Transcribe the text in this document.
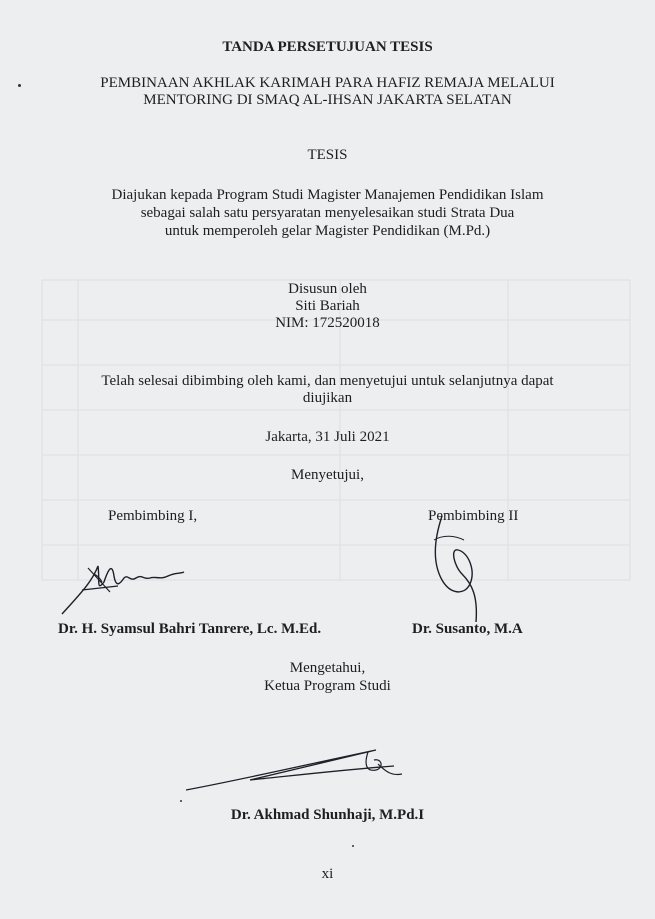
TANDA PERSETUJUAN TESIS
PEMBINAAN AKHLAK KARIMAH PARA HAFIZ REMAJA MELALUI
MENTORING DI SMAQ AL-IHSAN JAKARTA SELATAN
TESIS
Diajukan kepada Program Studi Magister Manajemen Pendidikan Islam
sebagai salah satu persyaratan menyelesaikan studi Strata Dua
untuk memperoleh gelar Magister Pendidikan (M.Pd.)
Disusun oleh
Siti Bariah
NIM: 172520018
Telah selesai dibimbing oleh kami, dan menyetujui untuk selanjutnya dapat
diujikan
Jakarta, 31 Juli 2021
Menyetujui,
Pembimbing I,	Pembimbing II
Dr. H. Syamsul Bahri Tanrere, Lc. M.Ed.	Dr. Susanto, M.A
Mengetahui,
Ketua Program Studi
Dr. Akhmad Shunhaji, M.Pd.I
xi
